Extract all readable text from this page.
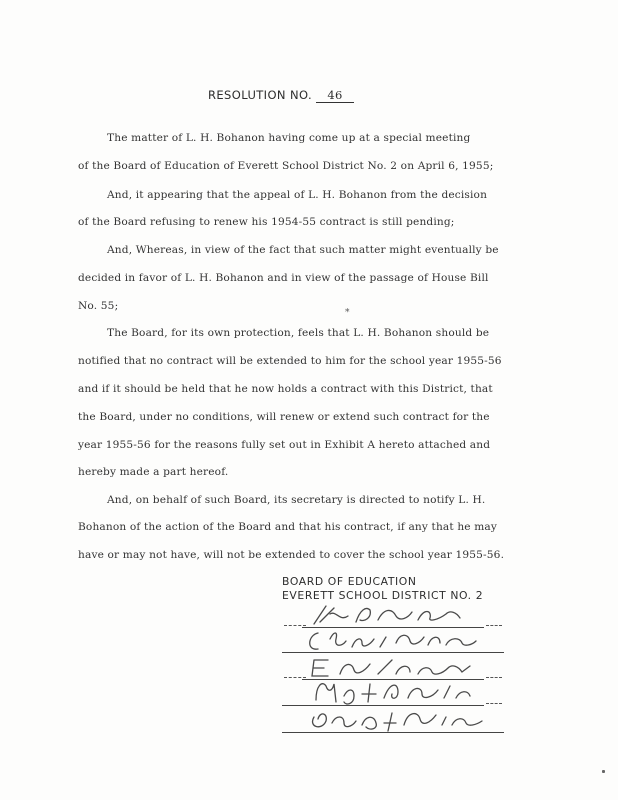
RESOLUTION NO. 46
The matter of L. H. Bohanon having come up at a special meeting
of the Board of Education of Everett School District No. 2 on April 6, 1955;
And, it appearing that the appeal of L. H. Bohanon from the decision
of the Board refusing to renew his 1954-55 contract is still pending;
And, Whereas, in view of the fact that such matter might eventually be
decided in favor of L. H. Bohanon and in view of the passage of House Bill
No. 55;
*
The Board, for its own protection, feels that L. H. Bohanon should be
notified that no contract will be extended to him for the school year 1955-56
and if it should be held that he now holds a contract with this District, that
the Board, under no conditions, will renew or extend such contract for the
year 1955-56 for the reasons fully set out in Exhibit A hereto attached and
hereby made a part hereof.
And, on behalf of such Board, its secretary is directed to notify L. H.
Bohanon of the action of the Board and that his contract, if any that he may
have or may not have, will not be extended to cover the school year 1955-56.
BOARD OF EDUCATION
EVERETT SCHOOL DISTRICT NO. 2
